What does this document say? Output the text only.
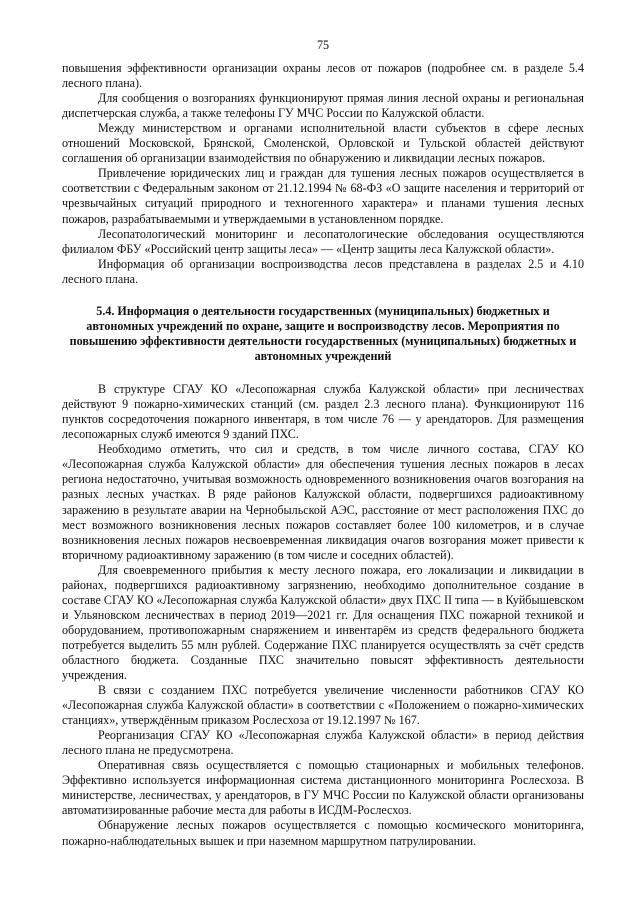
75

повышения эффективности организации охраны лесов от пожаров (подробнее см. в разделе 5.4 лесного плана).

Для сообщения о возгораниях функционируют прямая линия лесной охраны и региональная диспетчерская служба, а также телефоны ГУ МЧС России по Калужской области.

Между министерством и органами исполнительной власти субъектов в сфере лесных отношений Московской, Брянской, Смоленской, Орловской и Тульской областей действуют соглашения об организации взаимодействия по обнаружению и ликвидации лесных пожаров.

Привлечение юридических лиц и граждан для тушения лесных пожаров осуществляется в соответствии с Федеральным законом от 21.12.1994 № 68-ФЗ «О защите населения и территорий от чрезвычайных ситуаций природного и техногенного характера» и планами тушения лесных пожаров, разрабатываемыми и утверждаемыми в установленном порядке.

Лесопатологический мониторинг и лесопатологические обследования осуществляются филиалом ФБУ «Российский центр защиты леса» — «Центр защиты леса Калужской области».

Информация об организации воспроизводства лесов представлена в разделах 2.5 и 4.10 лесного плана.

5.4. Информация о деятельности государственных (муниципальных) бюджетных и автономных учреждений по охране, защите и воспроизводству лесов. Мероприятия по повышению эффективности деятельности государственных (муниципальных) бюджетных и автономных учреждений

В структуре СГАУ КО «Лесопожарная служба Калужской области» при лесничествах действуют 9 пожарно-химических станций (см. раздел 2.3 лесного плана). Функционируют 116 пунктов сосредоточения пожарного инвентаря, в том числе 76 — у арендаторов. Для размещения лесопожарных служб имеются 9 зданий ПХС.

Необходимо отметить, что сил и средств, в том числе личного состава, СГАУ КО «Лесопожарная служба Калужской области» для обеспечения тушения лесных пожаров в лесах региона недостаточно, учитывая возможность одновременного возникновения очагов возгорания на разных лесных участках. В ряде районов Калужской области, подвергшихся радиоактивному заражению в результате аварии на Чернобыльской АЭС, расстояние от мест расположения ПХС до мест возможного возникновения лесных пожаров составляет более 100 километров, и в случае возникновения лесных пожаров несвоевременная ликвидация очагов возгорания может привести к вторичному радиоактивному заражению (в том числе и соседних областей).

Для своевременного прибытия к месту лесного пожара, его локализации и ликвидации в районах, подвергшихся радиоактивному загрязнению, необходимо дополнительное создание в составе СГАУ КО «Лесопожарная служба Калужской области» двух ПХС II типа — в Куйбышевском и Ульяновском лесничествах в период 2019—2021 гг. Для оснащения ПХС пожарной техникой и оборудованием, противопожарным снаряжением и инвентарём из средств федерального бюджета потребуется выделить 55 млн рублей. Содержание ПХС планируется осуществлять за счёт средств областного бюджета. Созданные ПХС значительно повысят эффективность деятельности учреждения.

В связи с созданием ПХС потребуется увеличение численности работников СГАУ КО «Лесопожарная служба Калужской области» в соответствии с «Положением о пожарно-химических станциях», утверждённым приказом Рослесхоза от 19.12.1997 № 167.

Реорганизация СГАУ КО «Лесопожарная служба Калужской области» в период действия лесного плана не предусмотрена.

Оперативная связь осуществляется с помощью стационарных и мобильных телефонов. Эффективно используется информационная система дистанционного мониторинга Рослесхоза. В министерстве, лесничествах, у арендаторов, в ГУ МЧС России по Калужской области организованы автоматизированные рабочие места для работы в ИСДМ-Рослесхоз.

Обнаружение лесных пожаров осуществляется с помощью космического мониторинга, пожарно-наблюдательных вышек и при наземном маршрутном патрулировании.
